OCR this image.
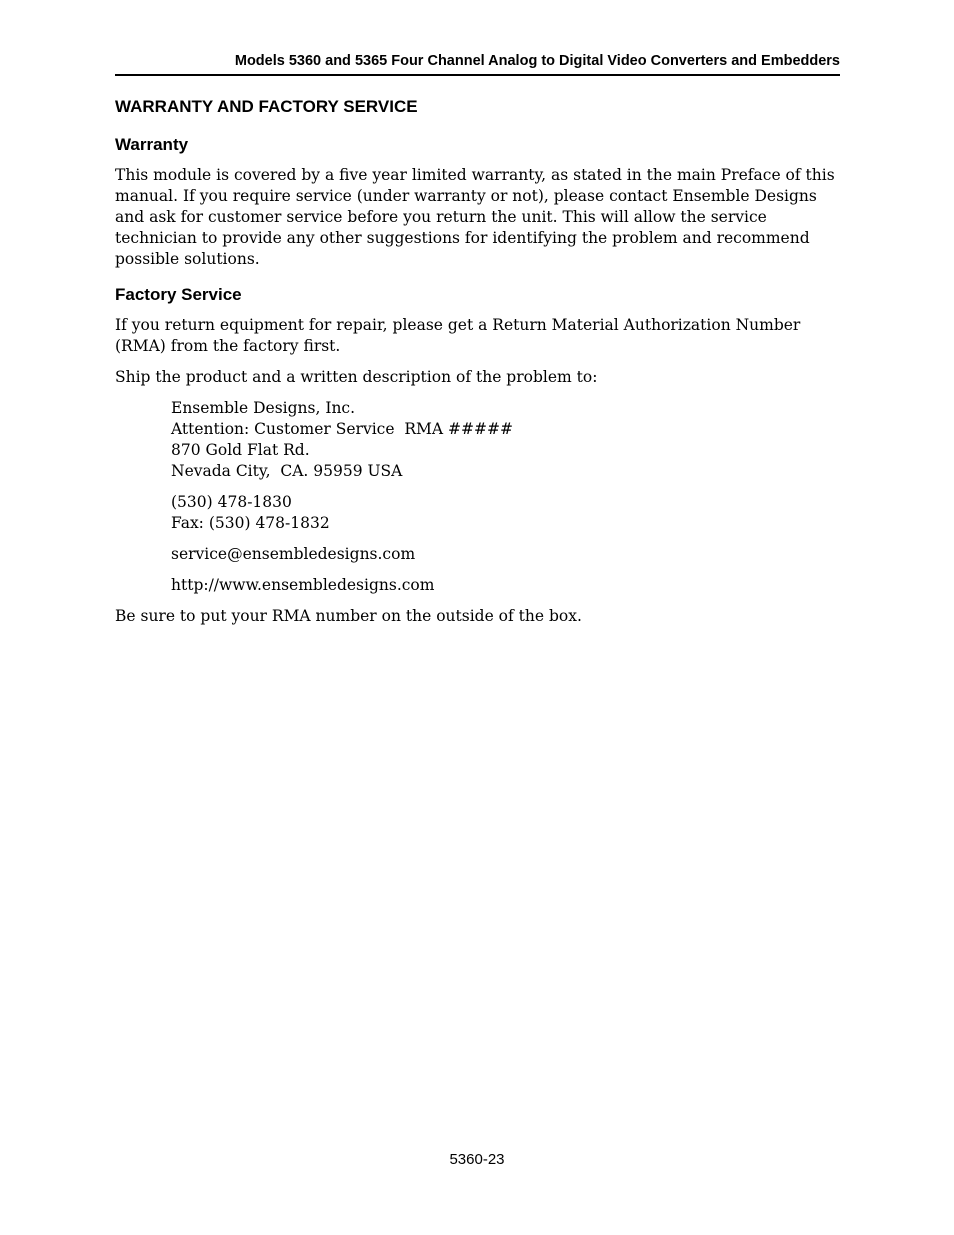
Models 5360 and 5365 Four Channel Analog to Digital Video Converters and Embedders
WARRANTY AND FACTORY SERVICE
Warranty

This module is covered by a five year limited warranty, as stated in the main Preface of this manual. If you require service (under warranty or not), please contact Ensemble Designs and ask for customer service before you return the unit. This will allow the service technician to provide any other suggestions for identifying the problem and recommend possible solutions.

Factory Service

If you return equipment for repair, please get a Return Material Authorization Number (RMA) from the factory first.

Ship the product and a written description of the problem to:

Ensemble Designs, Inc.
Attention: Customer Service  RMA #####
870 Gold Flat Rd.
Nevada City,  CA. 95959 USA
(530) 478-1830
Fax: (530) 478-1832
service@ensembledesigns.com
http://www.ensembledesigns.com

Be sure to put your RMA number on the outside of the box.

5360-23
